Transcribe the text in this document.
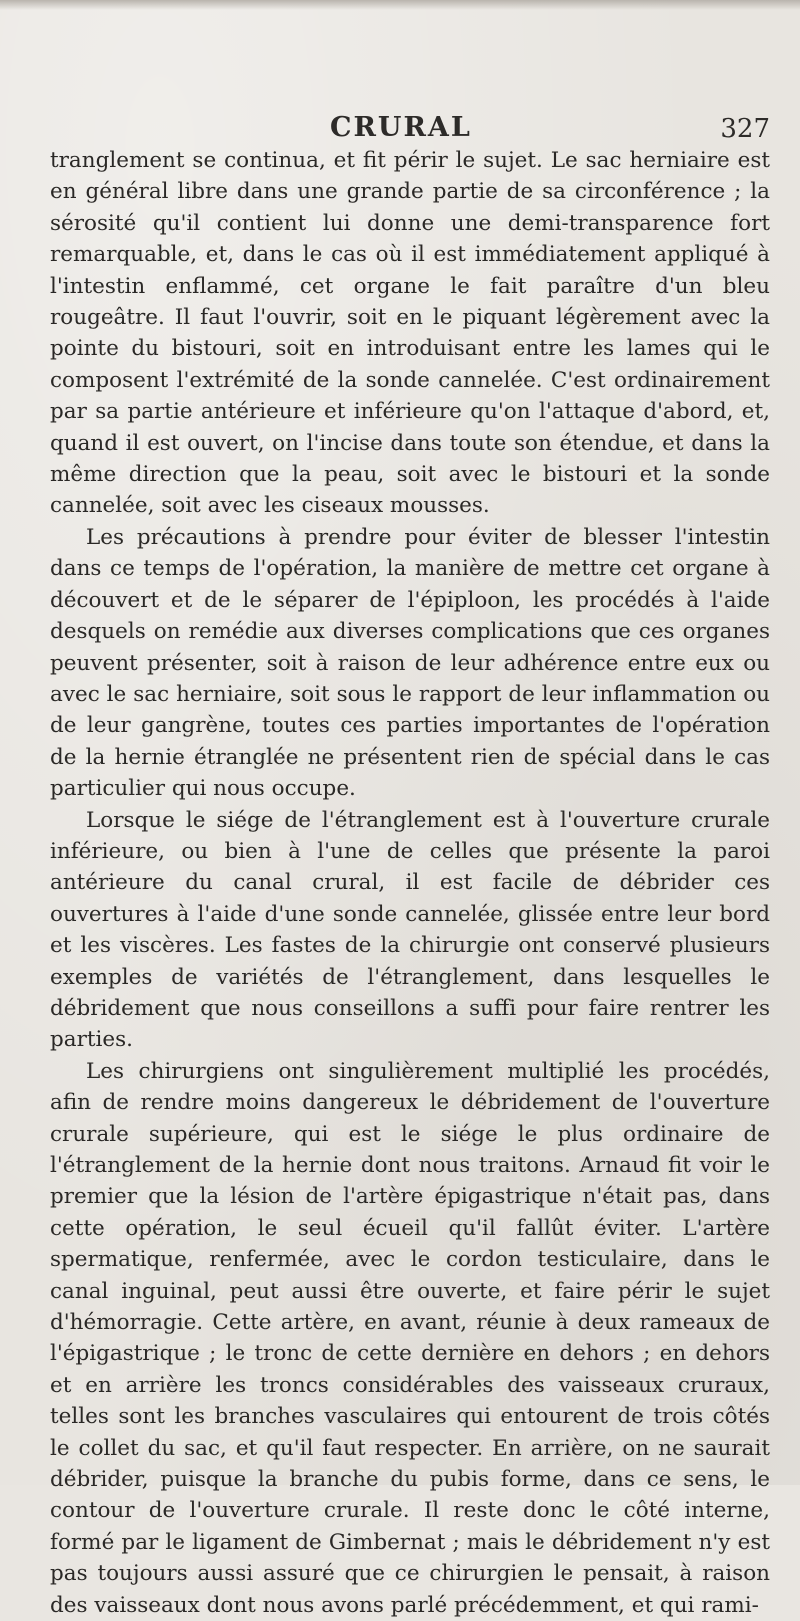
CRURAL	327

tranglement se continua, et fit périr le sujet. Le sac herniaire est en général libre dans une grande partie de sa circonférence ; la sérosité qu'il contient lui donne une demi-transparence fort remarquable, et, dans le cas où il est immédiatement appliqué à l'intestin enflammé, cet organe le fait paraître d'un bleu rougeâtre. Il faut l'ouvrir, soit en le piquant légèrement avec la pointe du bistouri, soit en introduisant entre les lames qui le composent l'extrémité de la sonde cannelée. C'est ordinairement par sa partie antérieure et inférieure qu'on l'attaque d'abord, et, quand il est ouvert, on l'incise dans toute son étendue, et dans la même direction que la peau, soit avec le bistouri et la sonde cannelée, soit avec les ciseaux mousses.

Les précautions à prendre pour éviter de blesser l'intestin dans ce temps de l'opération, la manière de mettre cet organe à découvert et de le séparer de l'épiploon, les procédés à l'aide desquels on remédie aux diverses complications que ces organes peuvent présenter, soit à raison de leur adhérence entre eux ou avec le sac herniaire, soit sous le rapport de leur inflammation ou de leur gangrène, toutes ces parties importantes de l'opération de la hernie étranglée ne présentent rien de spécial dans le cas particulier qui nous occupe.

Lorsque le siége de l'étranglement est à l'ouverture crurale inférieure, ou bien à l'une de celles que présente la paroi antérieure du canal crural, il est facile de débrider ces ouvertures à l'aide d'une sonde cannelée, glissée entre leur bord et les viscères. Les fastes de la chirurgie ont conservé plusieurs exemples de variétés de l'étranglement, dans lesquelles le débridement que nous conseillons a suffi pour faire rentrer les parties.

Les chirurgiens ont singulièrement multiplié les procédés, afin de rendre moins dangereux le débridement de l'ouverture crurale supérieure, qui est le siége le plus ordinaire de l'étranglement de la hernie dont nous traitons. Arnaud fit voir le premier que la lésion de l'artère épigastrique n'était pas, dans cette opération, le seul écueil qu'il fallût éviter. L'artère spermatique, renfermée, avec le cordon testiculaire, dans le canal inguinal, peut aussi être ouverte, et faire périr le sujet d'hémorragie. Cette artère, en avant, réunie à deux rameaux de l'épigastrique ; le tronc de cette dernière en dehors ; en dehors et en arrière les troncs considérables des vaisseaux cruraux, telles sont les branches vasculaires qui entourent de trois côtés le collet du sac, et qu'il faut respecter. En arrière, on ne saurait débrider, puisque la branche du pubis forme, dans ce sens, le contour de l'ouverture crurale. Il reste donc le côté interne, formé par le ligament de Gimbernat ; mais le débridement n'y est pas toujours aussi assuré que ce chirurgien le pensait, à raison des vaisseaux dont nous avons parlé précédemment, et qui rami-
